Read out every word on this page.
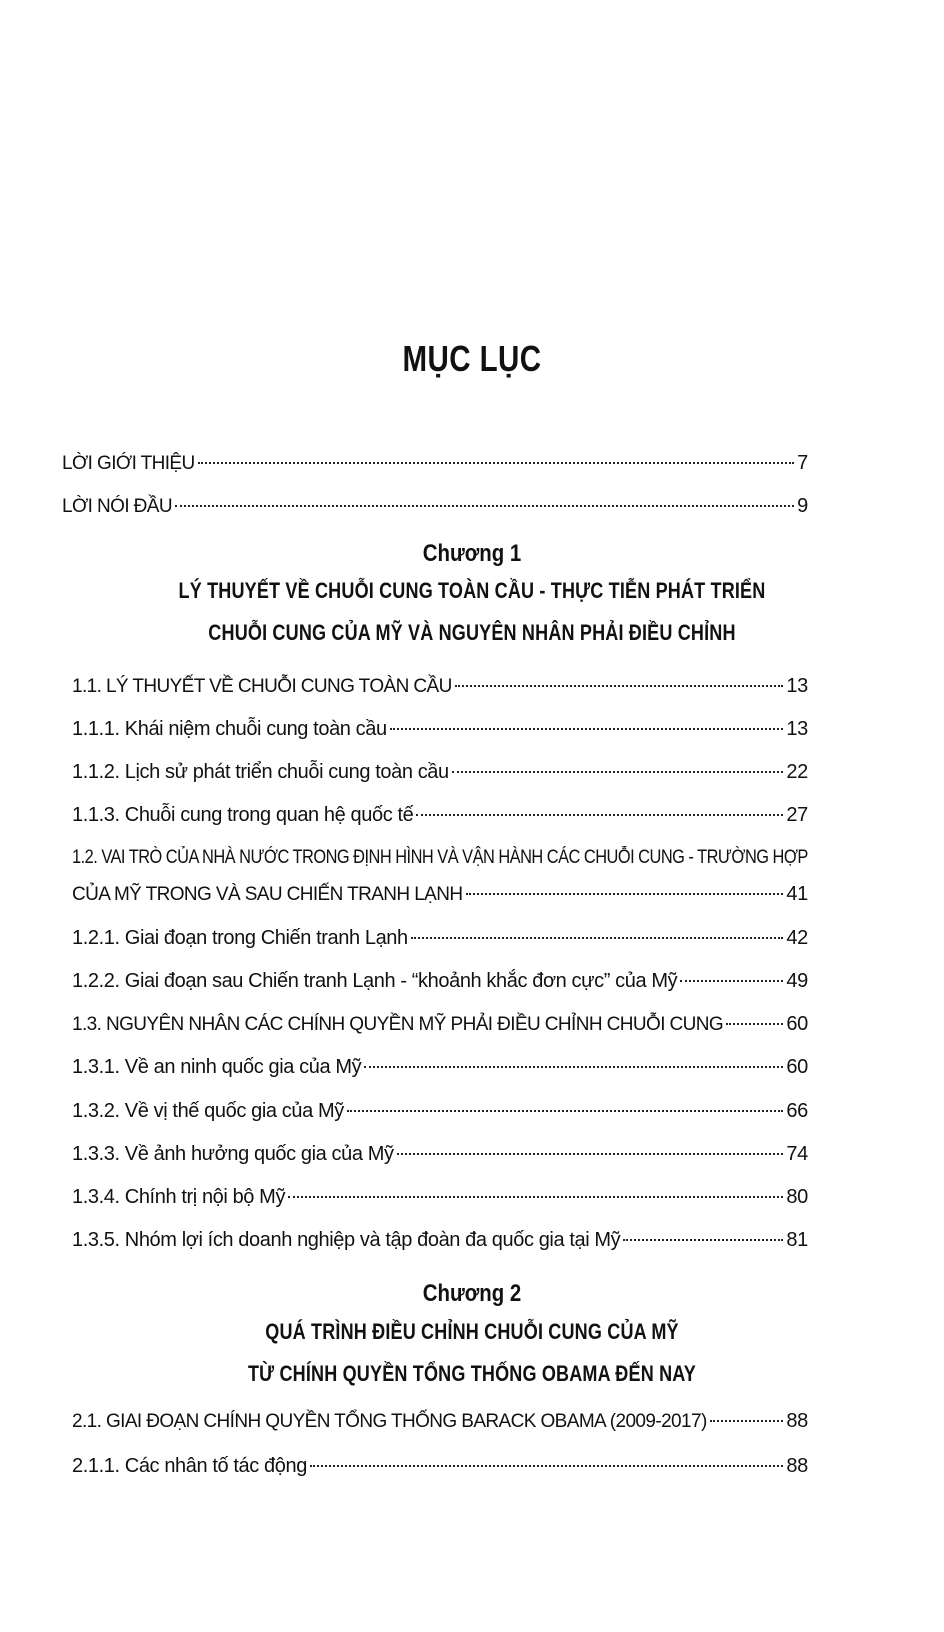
MỤC LỤC
LỜI GIỚI THIỆU	7
LỜI NÓI ĐẦU	9
Chương 1
LÝ THUYẾT VỀ CHUỖI CUNG TOÀN CẦU - THỰC TIỄN PHÁT TRIỂN
CHUỖI CUNG CỦA MỸ VÀ NGUYÊN NHÂN PHẢI ĐIỀU CHỈNH
1.1. LÝ THUYẾT VỀ CHUỖI CUNG TOÀN CẦU	13
1.1.1. Khái niệm chuỗi cung toàn cầu	13
1.1.2. Lịch sử phát triển chuỗi cung toàn cầu	22
1.1.3. Chuỗi cung trong quan hệ quốc tế	27
1.2. VAI TRÒ CỦA NHÀ NƯỚC TRONG ĐỊNH HÌNH VÀ VẬN HÀNH CÁC CHUỖI CUNG - TRƯỜNG HỢP
CỦA MỸ TRONG VÀ SAU CHIẾN TRANH LẠNH	41
1.2.1. Giai đoạn trong Chiến tranh Lạnh	42
1.2.2. Giai đoạn sau Chiến tranh Lạnh - “khoảnh khắc đơn cực” của Mỹ	49
1.3. NGUYÊN NHÂN CÁC CHÍNH QUYỀN MỸ PHẢI ĐIỀU CHỈNH CHUỖI CUNG	60
1.3.1. Về an ninh quốc gia của Mỹ	60
1.3.2. Về vị thế quốc gia của Mỹ	66
1.3.3. Về ảnh hưởng quốc gia của Mỹ	74
1.3.4. Chính trị nội bộ Mỹ	80
1.3.5. Nhóm lợi ích doanh nghiệp và tập đoàn đa quốc gia tại Mỹ	81
Chương 2
QUÁ TRÌNH ĐIỀU CHỈNH CHUỖI CUNG CỦA MỸ
TỪ CHÍNH QUYỀN TỔNG THỐNG OBAMA ĐẾN NAY
2.1. GIAI ĐOẠN CHÍNH QUYỀN TỔNG THỐNG BARACK OBAMA (2009-2017)	88
2.1.1. Các nhân tố tác động	88
